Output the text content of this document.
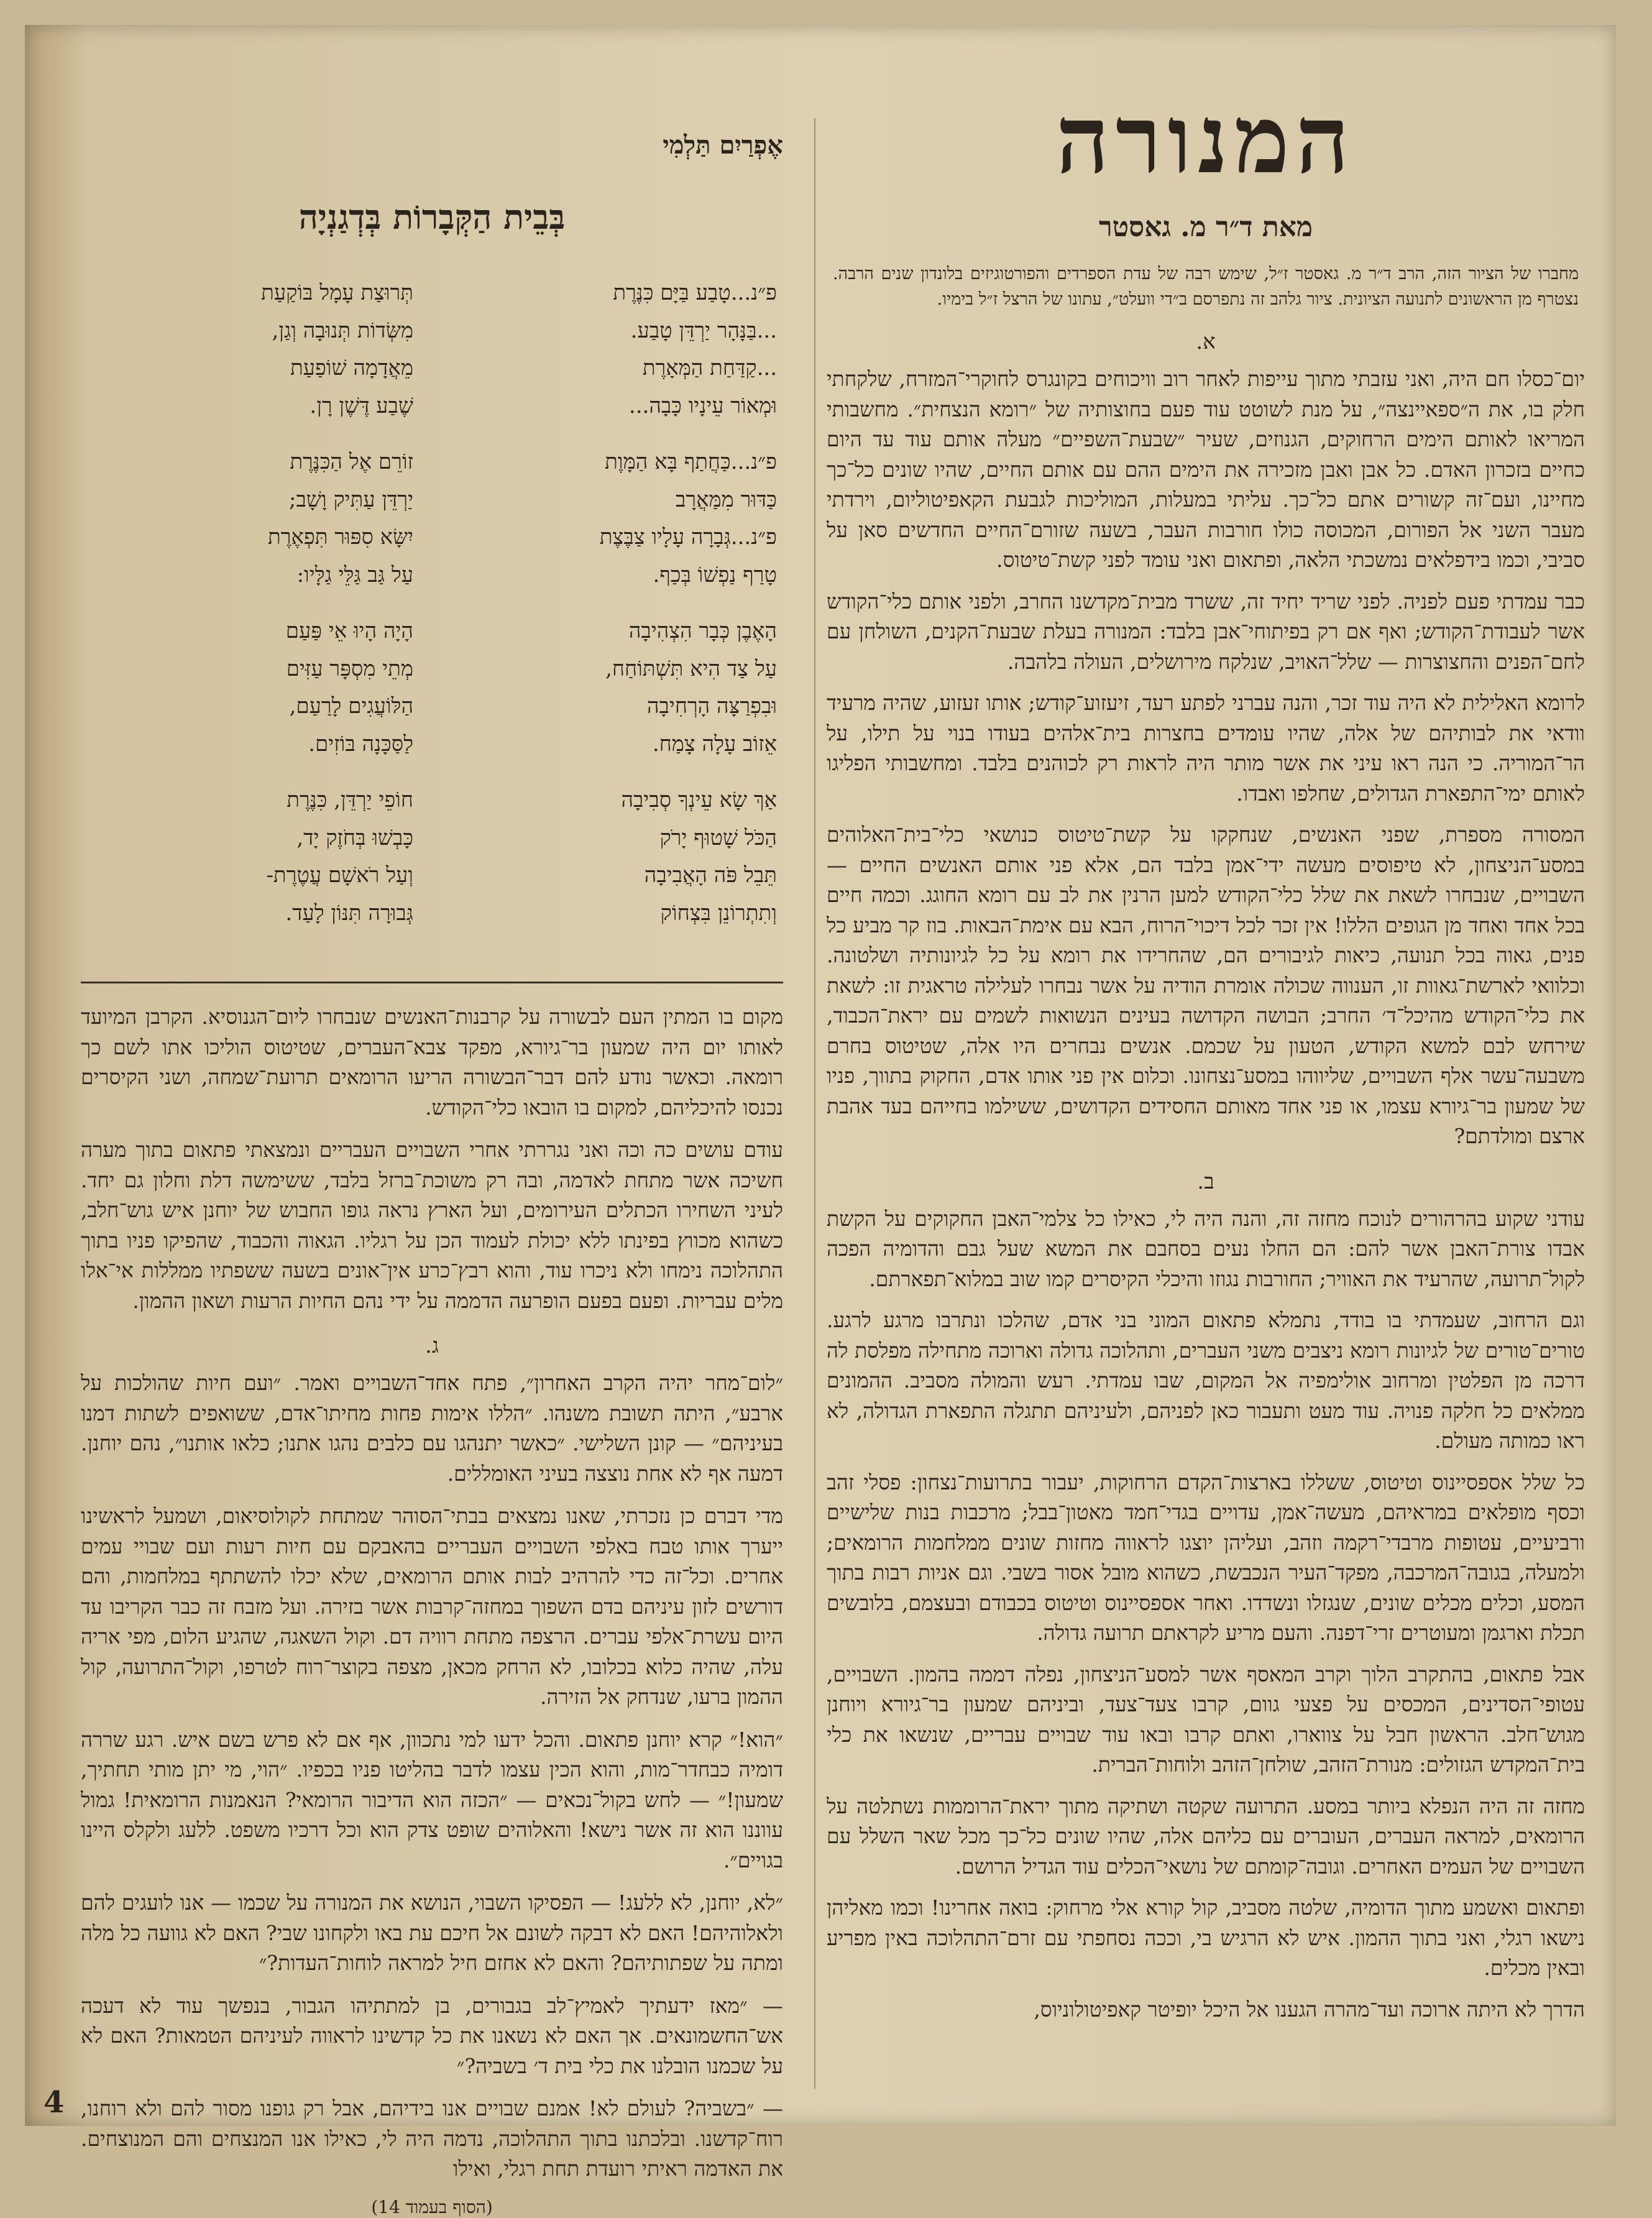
המנורה
מאת ד״ר מ. גאסטר
מחברו של הציור הזה, הרב ד״ר מ. גאסטר ז״ל, שימש רבה של עדת הספרדים והפורטוגיזים בלונדון שנים הרבה. נצטרף מן הראשונים לתנועה הציונית. ציור גלהב זה נתפרסם ב״די וועלט״, עתונו של הרצל ז״ל בימיו.
א.

יום־כסלו חם היה, ואני עזבתי מתוך עייפות לאחר רוב וויכוחים בקונגרס לחוקרי־המזרח, שלקחתי חלק בו, את ה״ספאיינצה״, על מנת לשוטט עוד פעם בחוצותיה של ״רומא הנצחית״. מחשבותי המריאו לאותם הימים הרחוקים, הגנוזים, שעיר ״שבעת־השפיים״ מעלה אותם עוד עד היום כחיים בזכרון האדם. כל אבן ואבן מזכירה את הימים ההם עם אותם החיים, שהיו שונים כל־כך מחיינו, ועם־זה קשורים אתם כל־כך. עליתי במעלות, המוליכות לגבעת הקאפיטוליום, וירדתי מעבר השני אל הפורום, המכוסה כולו חורבות העבר, בשעה שזורם־החיים החדשים סאן על סביבי, וכמו בידפלאים נמשכתי הלאה, ופתאום ואני עומד לפני קשת־טיטוס.

כבר עמדתי פעם לפניה. לפני שריד יחיד זה, ששרד מבית־מקדשנו החרב, ולפני אותם כלי־הקודש אשר לעבודת־הקודש; ואף אם רק בפיתוחי־אבן בלבד: המנורה בעלת שבעת־הקנים, השולחן עם לחם־הפנים והחצוצרות — שלל־האויב, שנלקח מירושלים, העולה בלהבה.

לרומא האלילית לא היה עוד זכר, והנה עברני לפתע רעד, זיעזוע־קודש; אותו זעזוע, שהיה מרעיד וודאי את לבותיהם של אלה, שהיו עומדים בחצרות בית־אלהים בעודו בנוי על תילו, על הר־המוריה. כי הנה ראו עיני את אשר מותר היה לראות רק לכוהנים בלבד. ומחשבותי הפליגו לאותם ימי־התפארת הגדולים, שחלפו ואבדו.

המסורה מספרת, שפני האנשים, שנחקקו על קשת־טיטוס כנושאי כלי־בית־האלוהים במסע־הניצחון, לא טיפוסים מעשה ידי־אמן בלבד הם, אלא פני אותם האנשים החיים — השבויים, שנבחרו לשאת את שלל כלי־הקודש למען הרנין את לב עם רומא החוגג. וכמה חיים בכל אחד ואחד מן הגופים הללו! אין זכר לכל דיכוי־הרוח, הבא עם אימת־הבאות. בוז קר מביע כל פנים, גאוה בכל תנועה, כיאות לגיבורים הם, שהחרידו את רומא על כל לגיונותיה ושלטונה. וכלוואי לארשת־גאוות זו, הענווה שכולה אומרת הודיה על אשר נבחרו לעלילה טראגית זו: לשאת את כלי־הקודש מהיכל־ד׳ החרב; הבושה הקדושה בעינים הנשואות לשמים עם יראת־הכבוד, שירחש לבם למשא הקודש, הטעון על שכמם. אנשים נבחרים היו אלה, שטיטוס בחרם משבעה־עשר אלף השבויים, שליווהו במסע־נצחונו. וכלום אין פני אותו אדם, החקוק בתווך, פניו של שמעון בר־גיורא עצמו, או פני אחד מאותם החסידים הקדושים, ששילמו בחייהם בעד אהבת ארצם ומולדתם?

ב.

עודני שקוע בהרהורים לנוכח מחזה זה, והנה היה לי, כאילו כל צלמי־האבן החקוקים על הקשת אבדו צורת־האבן אשר להם: הם החלו נעים בסחבם את המשא שעל גבם והדומיה הפכה לקול־תרועה, שהרעיד את האוויר; החורבות נגוזו והיכלי הקיסרים קמו שוב במלוא־תפארתם.

וגם הרחוב, שעמדתי בו בודד, נתמלא פתאום המוני בני אדם, שהלכו ונתרבו מרגע לרגע. טורים־טורים של לגיונות רומא ניצבים משני העברים, ותהלוכה גדולה וארוכה מתחילה מפלסת לה דרכה מן הפלטין ומרחוב אולימפיה אל המקום, שבו עמדתי. רעש והמולה מסביב. ההמונים ממלאים כל חלקה פנויה. עוד מעט ותעבור כאן לפניהם, ולעיניהם תתגלה התפארת הגדולה, לא ראו כמותה מעולם.

כל שלל אספסיינוס וטיטוס, ששללו בארצות־הקדם הרחוקות, יעבור בתרועות־נצחון: פסלי זהב וכסף מופלאים במראיהם, מעשה־אמן, עדויים בגדי־חמד מאטון־בבל; מרכבות בנות שלישיים ורביעיים, עטופות מרבדי־רקמה וזהב, ועליהן יוצגו לראווה מחזות שונים ממלחמות הרומאים; ולמעלה, בגובה־המרכבה, מפקד־העיר הנכבשת, כשהוא מובל אסור בשבי. וגם אניות רבות בתוך המסע, וכלים מכלים שונים, שנגזלו ונשדדו. ואחר אספסיינוס וטיטוס בכבודם ובעצמם, בלובשים תכלת וארגמן ומעוטרים זרי־דפנה. והעם מריע לקראתם תרועה גדולה.

אבל פתאום, בהתקרב הלוך וקרב המאסף אשר למסע־הניצחון, נפלה דממה בהמון. השבויים, עטופי־הסדינים, המכסים על פצעי גוום, קרבו צעד־צעד, וביניהם שמעון בר־גיורא ויוחנן מגוש־חלב. הראשון חבל על צווארו, ואתם קרבו ובאו עוד שבויים עבריים, שנשאו את כלי בית־המקדש הגזולים: מנורת־הזהב, שולחן־הזהב ולוחות־הברית.

מחזה זה היה הנפלא ביותר במסע. התרועה שקטה ושתיקה מתוך יראת־הרוממות נשתלטה על הרומאים, למראה העברים, העוברים עם כליהם אלה, שהיו שונים כל־כך מכל שאר השלל עם השבויים של העמים האחרים. וגובה־קומתם של נושאי־הכלים עוד הגדיל הרושם.

ופתאום ואשמע מתוך הדומיה, שלטה מסביב, קול קורא אלי מרחוק: בואה אחרינו! וכמו מאליהן נישאו רגלי, ואני בתוך ההמון. איש לא הרגיש בי, וככה נסחפתי עם זרם־התהלוכה באין מפריע ובאין מכלים.

הדרך לא היתה ארוכה ועד־מהרה הגענו אל היכל יופיטר קאפיטולוניוס,

אֶפְרַיִם תַּלְמִי
בְּבֵית הַקְּבָרוֹת בְּדְגַנְיָה
פ״נ...טָבַע בַּיָּם כִּנֶּרֶת
...בַּנָּהָר יַרְדֵּן טָבַע.
...קַדַּחַת הַמְּאָרֶת
וּמְאוֹר עֵינָיו כָּבָה...
פ״נ...כַּחֲתַף בָּא הַמָּוֶת
כַּדּוּר מִמַּאֲרָב
פ״נ...גְּבָרָה עָלָיו צַבֶּצֶת
טָרַף נַפְשׁוֹ בְּכַף.
הָאֶבֶן כְּבָר הִצְהִיבָה
עַל צַד הִיא תִּשְׁתּוֹחַח,
וּבִפְרַצָּה הָרְחִיבָה
אֵזוֹב עָלָה צָמַח.
אַךְ שָׂא עֵינְךָ סְבִיבָה
הַכֹּל שָׁטוּף יָרֹק
תֵּבֵל פֹּה הָאֲבִיבָה
וְתִתְרוֹנֵן בִּצְחוֹק
תְּרוּצַת עָמָל בּוֹקַעַת
מִשְּׂדוֹת תְּנוּבָה וְגַן,
מֵאֲדָמָה שׁוֹפַעַת
שֶׁבַע דֶּשֶׁן רָן.
זוֹרֵם אֶל הַכִּנֶּרֶת
יַרְדֵּן עַתִּיק וָשָׁב;
יִשָּׂא סִפּוּר תִּפְאֶרֶת
עַל גַּב גַּלֵּי גַלָּיו:
הָיָה הָיוּ אֵי פַּעַם
מְתֵי מִסְפָּר עַזִּים
הַלּוֹעֲגִים לָרַעַם,
לַסַּכָּנָה בּוֹזִים.
חוֹפֵי יַרְדֵּן, כִּנֶּרֶת
כָּבְשׁוּ בְּחֹזֶק יָד,
וְעַל רֹאשָׁם עֲטֶרֶת-
גְּבוּרָה תִּנּוֹן לָעַד.

מקום בו המתין העם לבשורה על קרבנות־האנשים שנבחרו ליום־הגנוסיא. הקרבן המיועד לאותו יום היה שמעון בר־גיורא, מפקד צבא־העברים, שטיטוס הוליכו אתו לשם כך רומאה. וכאשר נודע להם דבר־הבשורה הריעו הרומאים תרועת־שמחה, ושני הקיסרים נכנסו להיכליהם, למקום בו הובאו כלי־הקודש.

עודם עושים כה וכה ואני נגררתי אחרי השבויים העבריים ונמצאתי פתאום בתוך מערה חשיכה אשר מתחת לאדמה, ובה רק משוכת־ברזל בלבד, ששימשה דלת וחלון גם יחד. לעיני השחירו הכתלים העירומים, ועל הארץ נראה גופו החבוש של יוחנן איש גוש־חלב, כשהוא מכווץ בפינתו ללא יכולת לעמוד הכן על רגליו. הגאוה והכבוד, שהפיקו פניו בתוך התהלוכה נימחו ולא ניכרו עוד, והוא רבץ־כרע אין־אונים בשעה ששפתיו ממללות אי־אלו מלים עבריות. ופעם בפעם הופרעה הדממה על ידי נהם החיות הרעות ושאון ההמון.

ג.

״לום־מחר יהיה הקרב האחרון״, פתח אחד־השבויים ואמר. ״ועם חיות שהולכות על ארבע״, היתה תשובת משנהו. ״הללו אימות פחות מחיתו־אדם, ששואפים לשתות דמנו בעיניהם״ — קונן השלישי. ״כאשר יתנהגו עם כלבים נהגו אתנו; כלאו אותנו״, נהם יוחנן. דמעה אף לא אחת נוצצה בעיני האומללים.

מדי דברם כן נזכרתי, שאנו נמצאים בבתי־הסוהר שמתחת לקולוסיאום, ושמעל לראשינו ייערך אותו טבח באלפי השבויים העבריים בהאבקם עם חיות רעות ועם שבויי עמים אחרים. וכל־זה כדי להרהיב לבות אותם הרומאים, שלא יכלו להשתתף במלחמות, והם דורשים לזון עיניהם בדם השפוך במחזה־קרבות אשר בזירה. ועל מזבח זה כבר הקריבו עד היום עשרת־אלפי עברים. הרצפה מתחת רוויה דם. וקול השאגה, שהגיע הלום, מפי אריה עלה, שהיה כלוא בכלובו, לא הרחק מכאן, מצפה בקוצר־רוח לטרפו, וקול־התרועה, קול ההמון ברעו, שנדחק אל הזירה.

״הוא!״ קרא יוחנן פתאום. והכל ידעו למי נתכוון, אף אם לא פרש בשם איש. רגע שררה דומיה כבחדר־מות, והוא הכין עצמו לדבר בהליטו פניו בכפיו. ״הוי, מי יתן מותי תחתיך, שמעון!״ — לחש בקול־נכאים — ״הכזה הוא הדיבור הרומאי? הנאמנות הרומאית! גמול עווננו הוא זה אשר נישא! והאלוהים שופט צדק הוא וכל דרכיו משפט. ללעג ולקלס היינו בגויים״.

״לא, יוחנן, לא ללעג! — הפסיקו השבוי, הנושא את המנורה על שכמו — אנו לועגים להם ולאלוהיהם! האם לא דבקה לשונם אל חיכם עת באו ולקחונו שבי? האם לא גוועה כל מלה ומתה על שפתותיהם? והאם לא אחזם חיל למראה לוחות־העדות?״

— ״מאז ידעתיך לאמיץ־לב בגבורים, בן למתתיהו הגבור, בנפשך עוד לא דעכה אש־החשמונאים. אך האם לא נשאנו את כל קדשינו לראווה לעיניהם הטמאות? האם לא על שכמנו הובלנו את כלי בית ד׳ בשביה?״

— ״בשביה? לעולם לא! אמנם שבויים אנו בידיהם, אבל רק גופנו מסור להם ולא רוחנו, רוח־קדשנו. ובלכתנו בתוך התהלוכה, נדמה היה לי, כאילו אנו המנצחים והם המנוצחים. את האדמה ראיתי רועדת תחת רגלי, ואילו

(הסוף בעמוד 14)
4
